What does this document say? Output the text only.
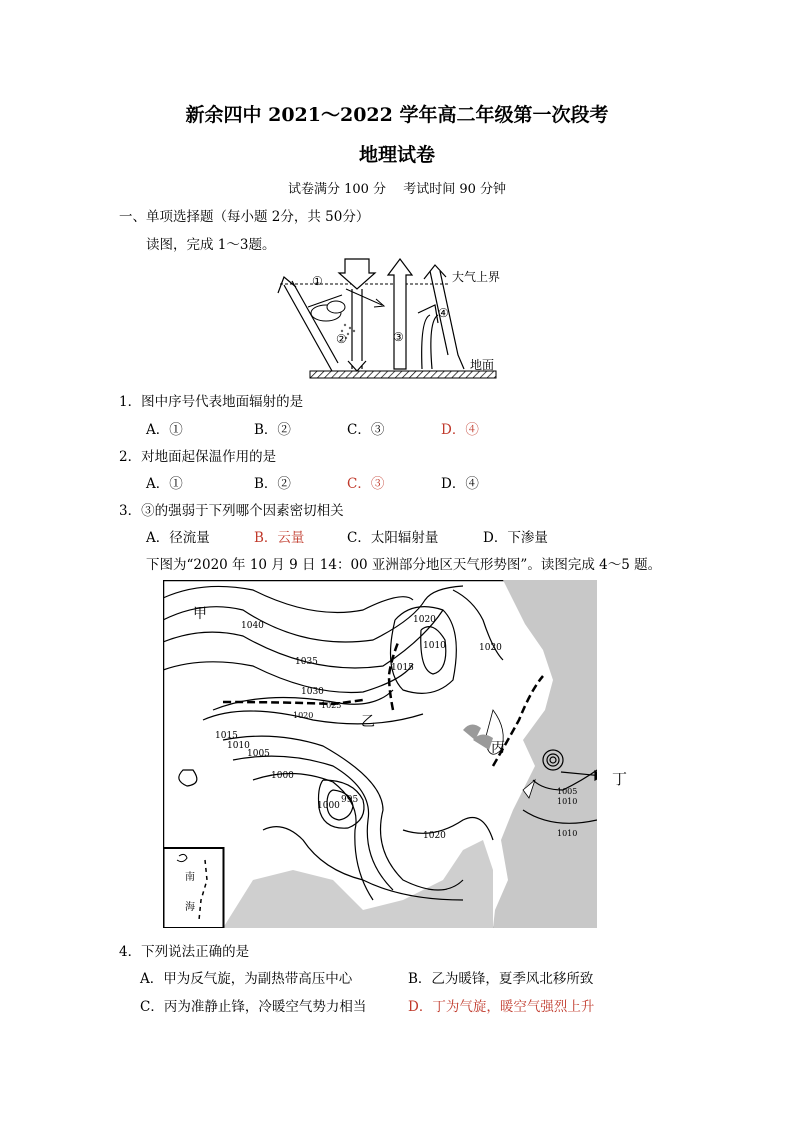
新余四中 2021～2022 学年高二年级第一次段考
地理试卷
试卷满分 100 分　 考试时间 90 分钟
一、单项选择题（每小题 2分，共 50分）
读图，完成 1～3题。
①
②	③
④
大气上界
地面
1．图中序号代表地面辐射的是
A．①	B．②	C．③	D．④
2．对地面起保温作用的是
A．①	B．②	C．③	D．④
3．③的强弱于下列哪个因素密切相关
A．径流量	B．云量	C．太阳辐射量	D．下渗量
下图为“2020 年 10 月 9 日 14：00 亚洲部分地区天气形势图”。读图完成 4～5 题。
南
海
甲
乙
丙
1040
1035
1030
1025
1020
1020
1015
1010
1005
1000
995
1000
1020
1015
1010
1020
1005
1010
1010
丁
4．下列说法正确的是
A．甲为反气旋，为副热带高压中心	B．乙为暖锋，夏季风北移所致
C．丙为准静止锋，冷暖空气势力相当	D．丁为气旋，暖空气强烈上升
